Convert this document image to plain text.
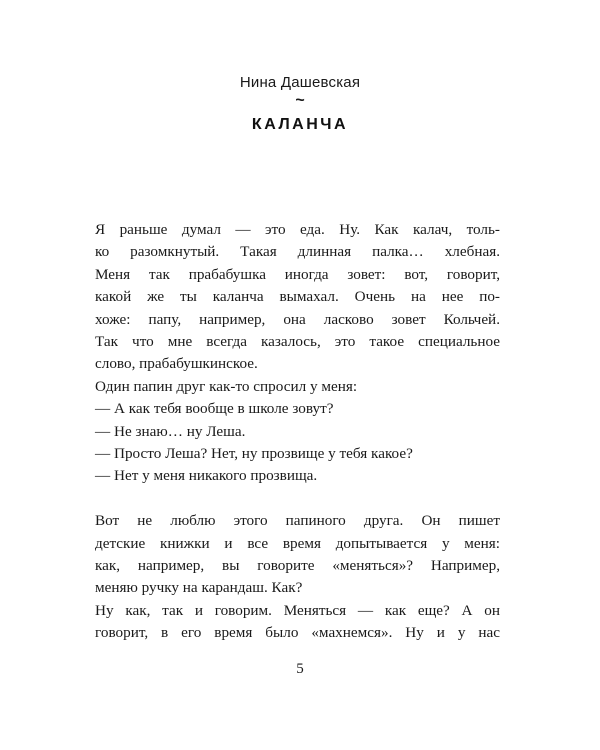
Нина Дашевская
~
КАЛАНЧА
Я раньше думал — это еда. Ну. Как калач, толь-
ко разомкнутый. Такая длинная палка… хлебная.
Меня так прабабушка иногда зовет: вот, говорит,
какой же ты каланча вымахал. Очень на нее по-
хоже: папу, например, она ласково зовет Кольчей.
Так что мне всегда казалось, это такое специальное
слово, прабабушкинское.
Один папин друг как-то спросил у меня:
— А как тебя вообще в школе зовут?
— Не знаю… ну Леша.
— Просто Леша? Нет, ну прозвище у тебя какое?
— Нет у меня никакого прозвища.
Вот не люблю этого папиного друга. Он пишет
детские книжки и все время допытывается у меня:
как, например, вы говорите «меняться»? Например,
меняю ручку на карандаш. Как?
Ну как, так и говорим. Меняться — как еще? А он
говорит, в его время было «махнемся». Ну и у нас
5
